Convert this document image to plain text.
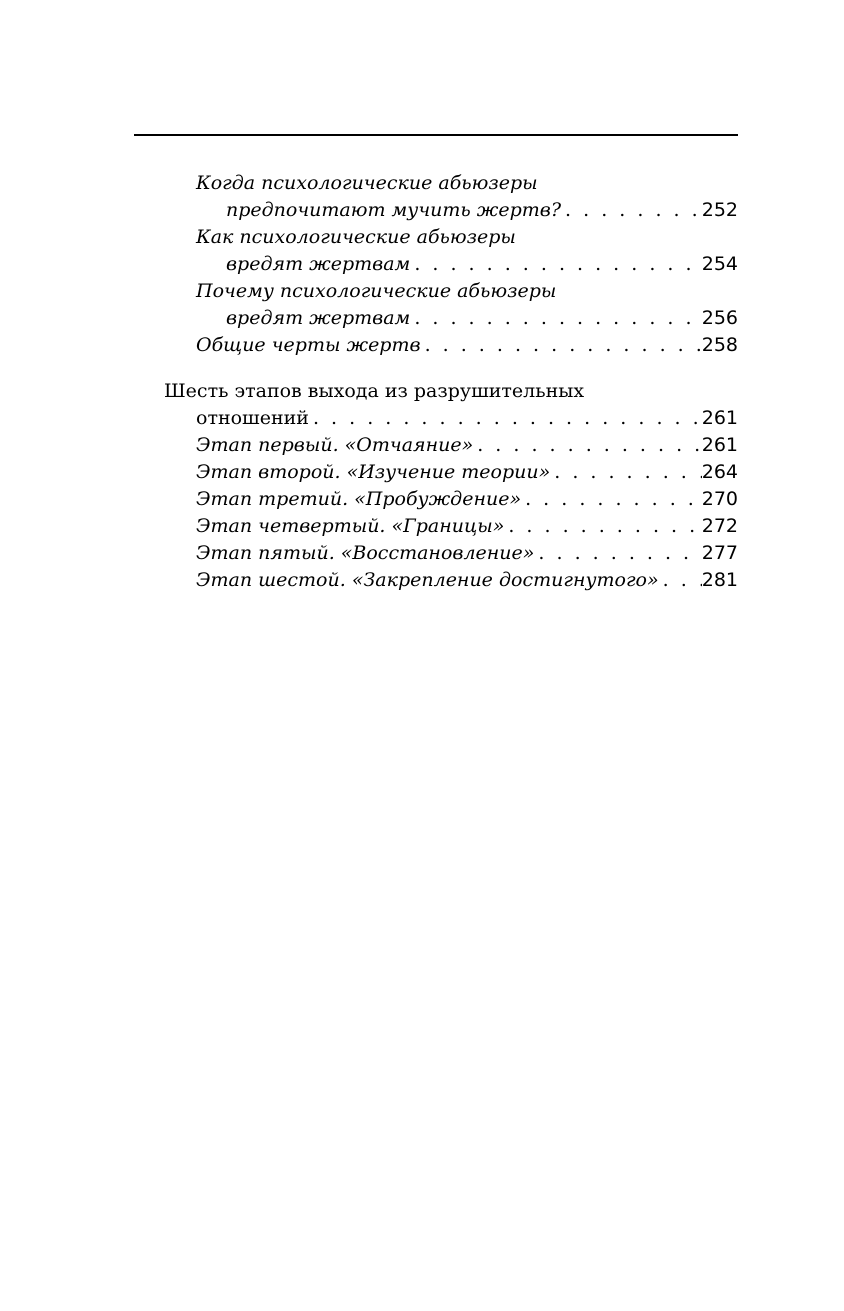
Когда психологические абьюзеры
предпочитают мучить жертв? . . .	252
Как психологические абьюзеры
вредят жертвам . . .	254
Почему психологические абьюзеры
вредят жертвам . . .	256
Общие черты жертв . . .	258
Шесть этапов выхода из разрушительных
отношений . . .	261
Этап первый. «Отчаяние» . . .	261
Этап второй. «Изучение теории» . . .	264
Этап третий. «Пробуждение» . . .	270
Этап четвертый. «Границы» . . .	272
Этап пятый. «Восстановление» . . .	277
Этап шестой. «Закрепление достигнутого» . . . 281
